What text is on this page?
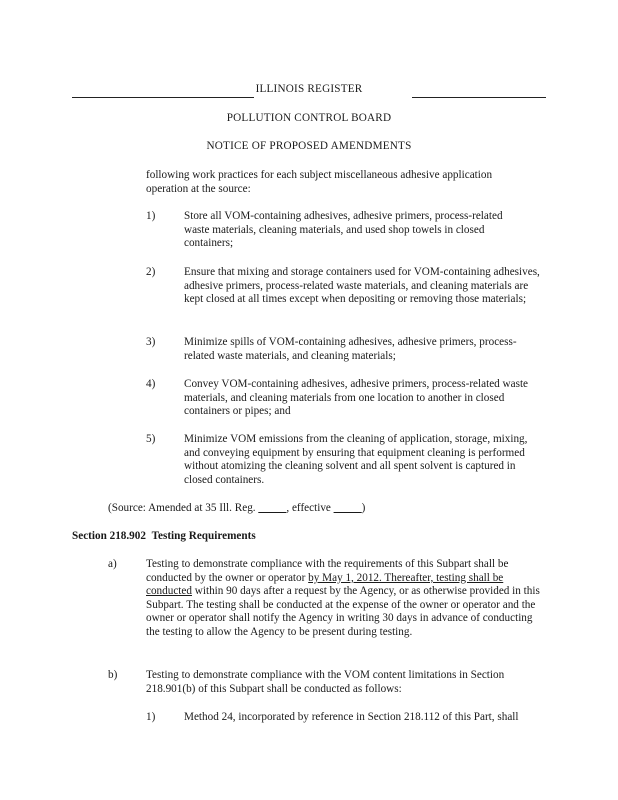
ILLINOIS REGISTER
POLLUTION CONTROL BOARD
NOTICE OF PROPOSED AMENDMENTS
following work practices for each subject miscellaneous adhesive application operation at the source:
1)	Store all VOM-containing adhesives, adhesive primers, process-related waste materials, cleaning materials, and used shop towels in closed containers;
2)	Ensure that mixing and storage containers used for VOM-containing adhesives, adhesive primers, process-related waste materials, and cleaning materials are kept closed at all times except when depositing or removing those materials;
3)	Minimize spills of VOM-containing adhesives, adhesive primers, process-related waste materials, and cleaning materials;
4)	Convey VOM-containing adhesives, adhesive primers, process-related waste materials, and cleaning materials from one location to another in closed containers or pipes; and
5)	Minimize VOM emissions from the cleaning of application, storage, mixing, and conveying equipment by ensuring that equipment cleaning is performed without atomizing the cleaning solvent and all spent solvent is captured in closed containers.
(Source: Amended at 35 Ill. Reg. _____, effective _____)
Section 218.902 Testing Requirements
a)	Testing to demonstrate compliance with the requirements of this Subpart shall be conducted by the owner or operator by May 1, 2012. Thereafter, testing shall be conducted within 90 days after a request by the Agency, or as otherwise provided in this Subpart. The testing shall be conducted at the expense of the owner or operator and the owner or operator shall notify the Agency in writing 30 days in advance of conducting the testing to allow the Agency to be present during testing.
b)	Testing to demonstrate compliance with the VOM content limitations in Section 218.901(b) of this Subpart shall be conducted as follows:
1)	Method 24, incorporated by reference in Section 218.112 of this Part, shall
